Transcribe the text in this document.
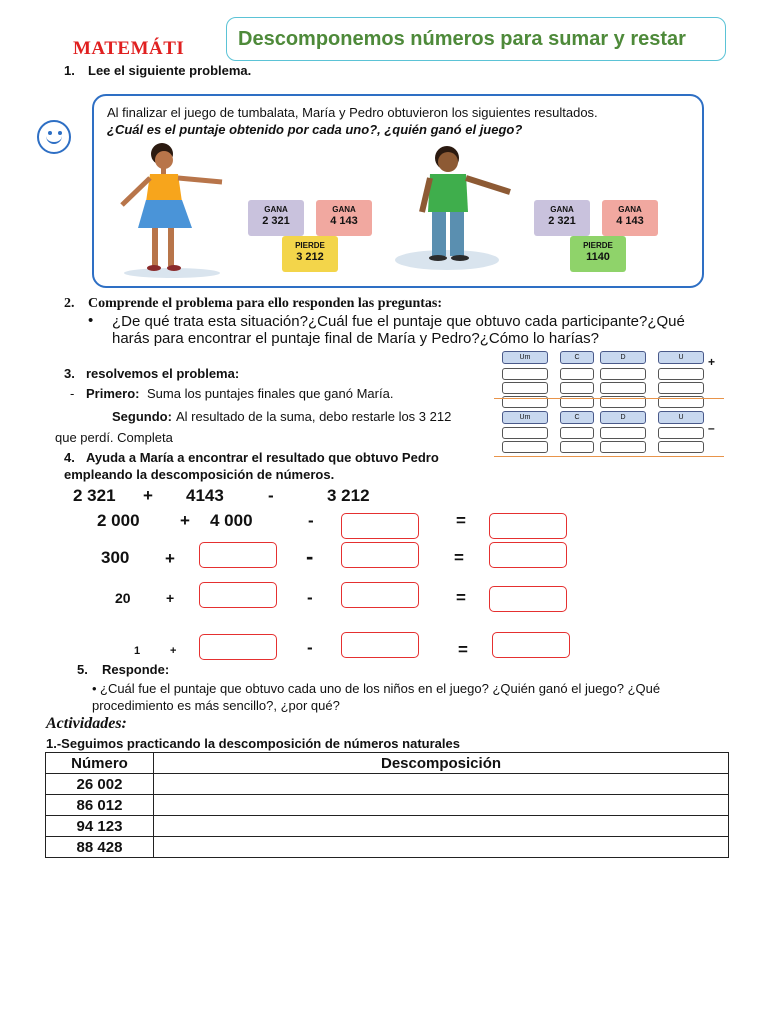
MATEMÁTI	Descomponemos números para sumar y restar
1. Lee el siguiente problema.
Al finalizar el juego de tumbalata, María y Pedro obtuvieron los siguientes resultados.
¿Cuál es el puntaje obtenido por cada uno?, ¿quién ganó el juego?
GANA
2 321
GANA
4 143
PIERDE
3 212
GANA
2 321
GANA
4 143
PIERDE
1140
2. Comprende el problema para ello responden las preguntas:
• ¿De qué trata esta situación?¿Cuál fue el puntaje que obtuvo cada participante?¿Qué
harás para encontrar el puntaje final de María y Pedro?¿Cómo lo harías?
3. resolvemos el problema:
- Primero: Suma los puntajes finales que ganó María.
Segundo: Al resultado de la suma, debo restarle los 3 212
que perdí. Completa
Um	C	D	U
Um	C	D	U
+
–
4. Ayuda a María a encontrar el resultado que obtuvo Pedro
empleando la descomposición de números.
2 321 + 4143	-	3 212
2 000 + 4 000	-	=
300 +	-	=
20	+	-	=
1	+	-	=
5. Responde:
• ¿Cuál fue el puntaje que obtuvo cada uno de los niños en el juego? ¿Quién ganó el juego? ¿Qué
procedimiento es más sencillo?, ¿por qué?
Actividades:
1.-Seguimos practicando la descomposición de números naturales
Número	Descomposición
26 002	
86 012	
94 123	
88 428	
